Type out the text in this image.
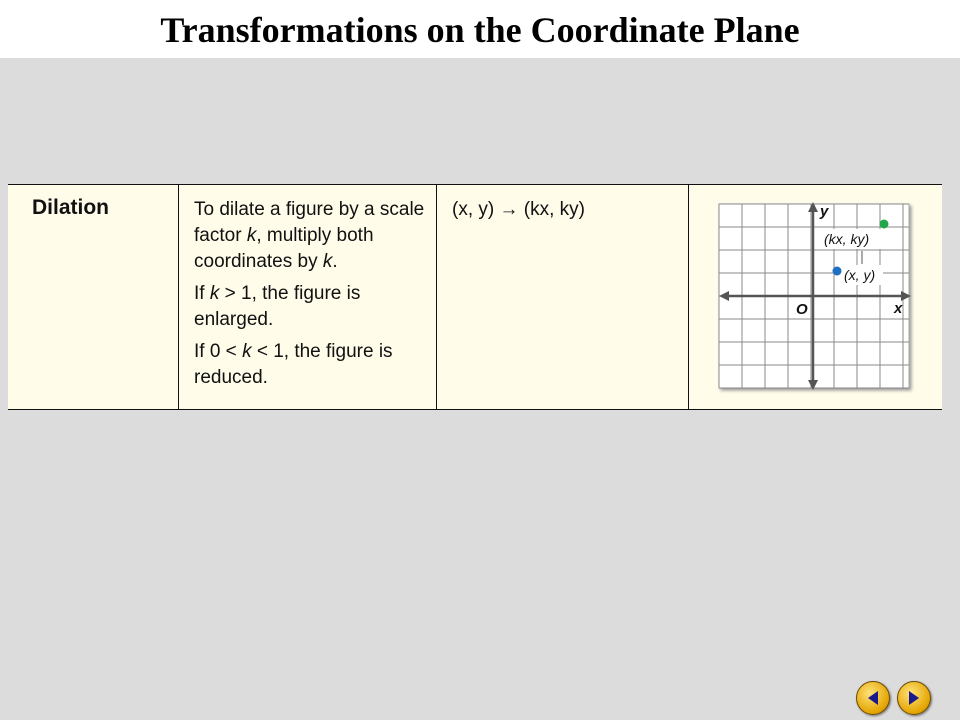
Transformations on the Coordinate Plane
Dilation	To dilate a figure by a scale factor k, multiply both coordinates by k.

If k > 1, the figure is enlarged.

If 0 < k < 1, the figure is reduced.

(x, y) → (kx, ky)	y
x
O
(kx, ky)
(x, y)
